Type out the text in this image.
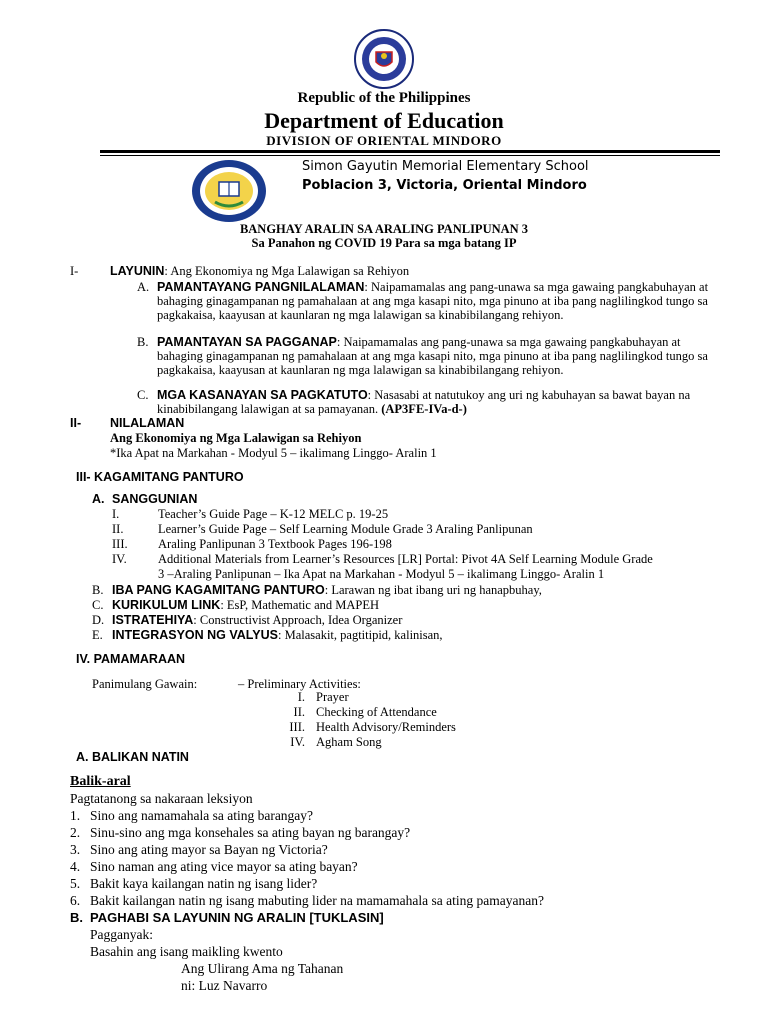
Republic of the Philippines
Department of Education
DIVISION OF ORIENTAL MINDORO
Simon Gayutin Memorial Elementary School
Poblacion 3, Victoria, Oriental Mindoro
BANGHAY ARALIN SA ARALING PANLIPUNAN 3
Sa Panahon ng COVID 19 Para sa mga batang IP
I-	LAYUNIN: Ang Ekonomiya ng Mga Lalawigan sa Rehiyon
A. PAMANTAYANG PANGNILALAMAN: Naipamamalas ang pang-unawa sa mga gawaing pangkabuhayan at bahaging ginagampanan ng pamahalaan at ang mga kasapi nito, mga pinuno at iba pang naglilingkod tungo sa pagkakaisa, kaayusan at kaunlaran ng mga lalawigan sa kinabibilangang rehiyon.
B. PAMANTAYAN SA PAGGANAP: Naipamamalas ang pang-unawa sa mga gawaing pangkabuhayan at bahaging ginagampanan ng pamahalaan at ang mga kasapi nito, mga pinuno at iba pang naglilingkod tungo sa pagkakaisa, kaayusan at kaunlaran ng mga lalawigan sa kinabibilangang rehiyon.
C. MGA KASANAYAN SA PAGKATUTO: Nasasabi at natutukoy ang uri ng kabuhayan sa bawat bayan na kinabibilangang lalawigan at sa pamayanan. (AP3FE-IVa-d-)
II- NILALAMAN
Ang Ekonomiya ng Mga Lalawigan sa Rehiyon
*Ika Apat na Markahan - Modyul 5 – ikalimang Linggo- Aralin 1
III- KAGAMITANG PANTURO
A. SANGGUNIAN
I.	Teacher’s Guide Page – K-12 MELC p. 19-25
II.	Learner’s Guide Page – Self Learning Module Grade 3 Araling Panlipunan
III. Araling Panlipunan 3 Textbook Pages 196-198
IV.	Additional Materials from Learner’s Resources [LR] Portal: Pivot 4A Self Learning Module Grade
3 –Araling Panlipunan – Ika Apat na Markahan - Modyul 5 – ikalimang Linggo- Aralin 1
B. IBA PANG KAGAMITANG PANTURO: Larawan ng ibat ibang uri ng hanapbuhay,
C. KURIKULUM LINK: EsP, Mathematic and MAPEH
D. ISTRATEHIYA: Constructivist Approach, Idea Organizer
E. INTEGRASYON NG VALYUS: Malasakit, pagtitipid, kalinisan,
IV. PAMAMARAAN
Panimulang Gawain:	– Preliminary Activities:
I. Prayer
II. Checking of Attendance
III. Health Advisory/Reminders
IV. Agham Song
A. BALIKAN NATIN
Balik-aral
Pagtatanong sa nakaraan leksiyon
1. Sino ang namamahala sa ating barangay?
2. Sinu-sino ang mga konsehales sa ating bayan ng barangay?
3. Sino ang ating mayor sa Bayan ng Victoria?
4. Sino naman ang ating vice mayor sa ating bayan?
5. Bakit kaya kailangan natin ng isang lider?
6. Bakit kailangan natin ng isang mabuting lider na mamamahala sa ating pamayanan?
B. PAGHABI SA LAYUNIN NG ARALIN [TUKLASIN]
Pagganyak:
Basahin ang isang maikling kwento
Ang Ulirang Ama ng Tahanan
ni: Luz Navarro
